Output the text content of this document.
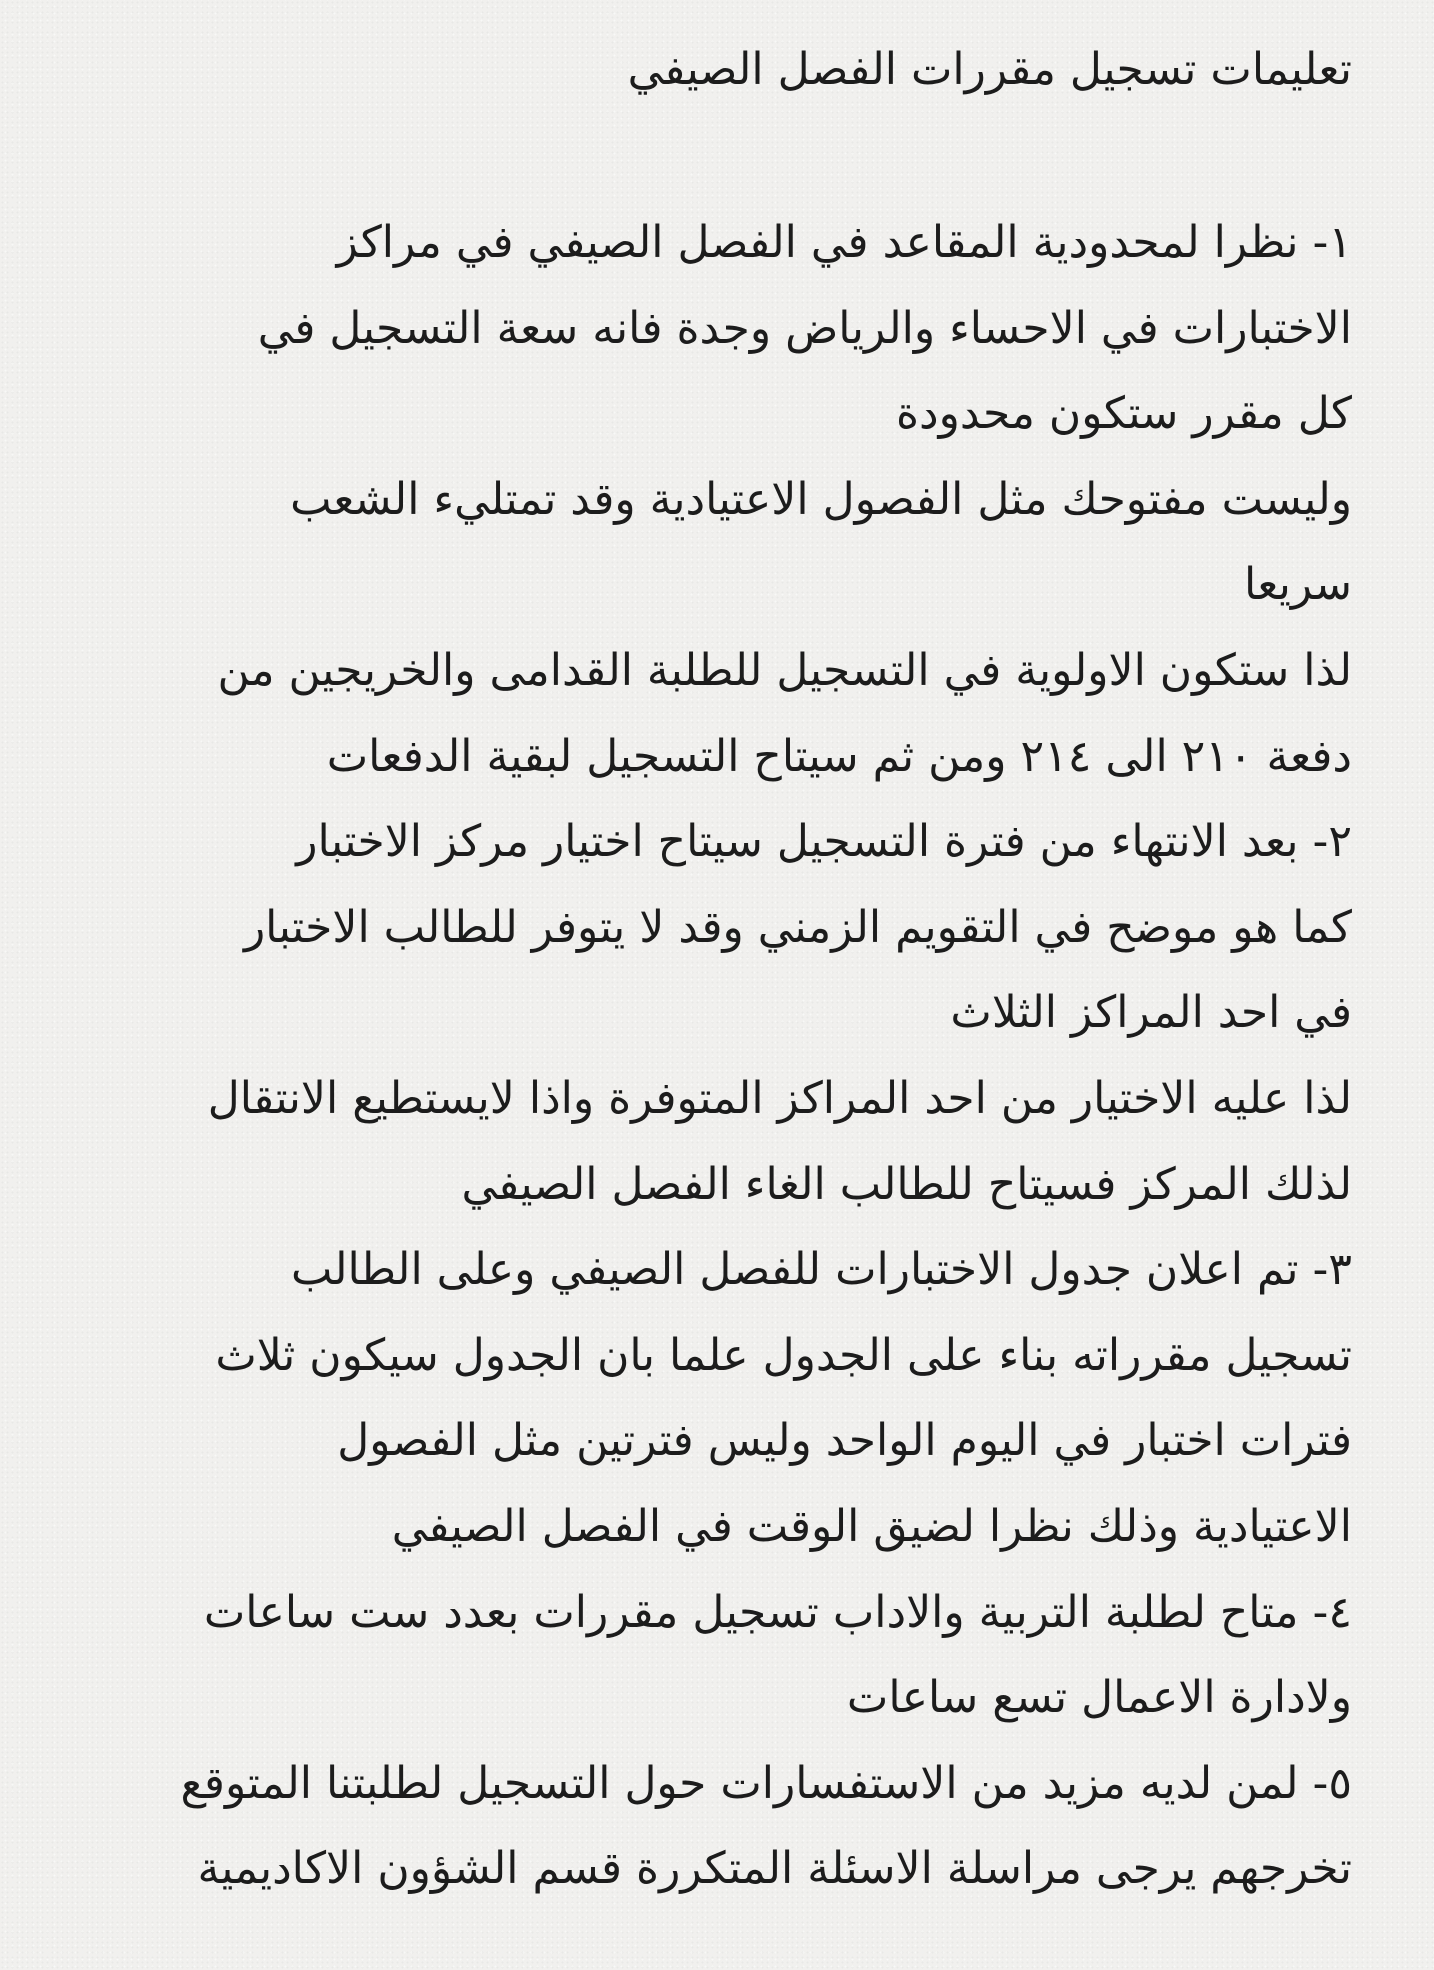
تعليمات تسجيل مقررات الفصل الصيفي
١- نظرا لمحدودية المقاعد في الفصل الصيفي في مراكز
الاختبارات في الاحساء والرياض وجدة فانه سعة التسجيل في
كل مقرر ستكون محدودة
وليست مفتوحك مثل الفصول الاعتيادية وقد تمتليء الشعب
سريعا
لذا ستكون الاولوية في التسجيل للطلبة القدامى والخريجين من
دفعة ٢١٠ الى ٢١٤ ومن ثم سيتاح التسجيل لبقية الدفعات
٢- بعد الانتهاء من فترة التسجيل سيتاح اختيار مركز الاختبار
كما هو موضح في التقويم الزمني وقد لا يتوفر للطالب الاختبار
في احد المراكز الثلاث
لذا عليه الاختيار من احد المراكز المتوفرة واذا لايستطيع الانتقال
لذلك المركز فسيتاح للطالب الغاء الفصل الصيفي
٣- تم اعلان جدول الاختبارات للفصل الصيفي وعلى الطالب
تسجيل مقرراته بناء على الجدول علما بان الجدول سيكون ثلاث
فترات اختبار في اليوم الواحد وليس فترتين مثل الفصول
الاعتيادية وذلك نظرا لضيق الوقت في الفصل الصيفي
٤- متاح لطلبة التربية والاداب تسجيل مقررات بعدد ست ساعات
ولادارة الاعمال تسع ساعات
٥- لمن لديه مزيد من الاستفسارات حول التسجيل لطلبتنا المتوقع
تخرجهم يرجى مراسلة الاسئلة المتكررة قسم الشؤون الاكاديمية
